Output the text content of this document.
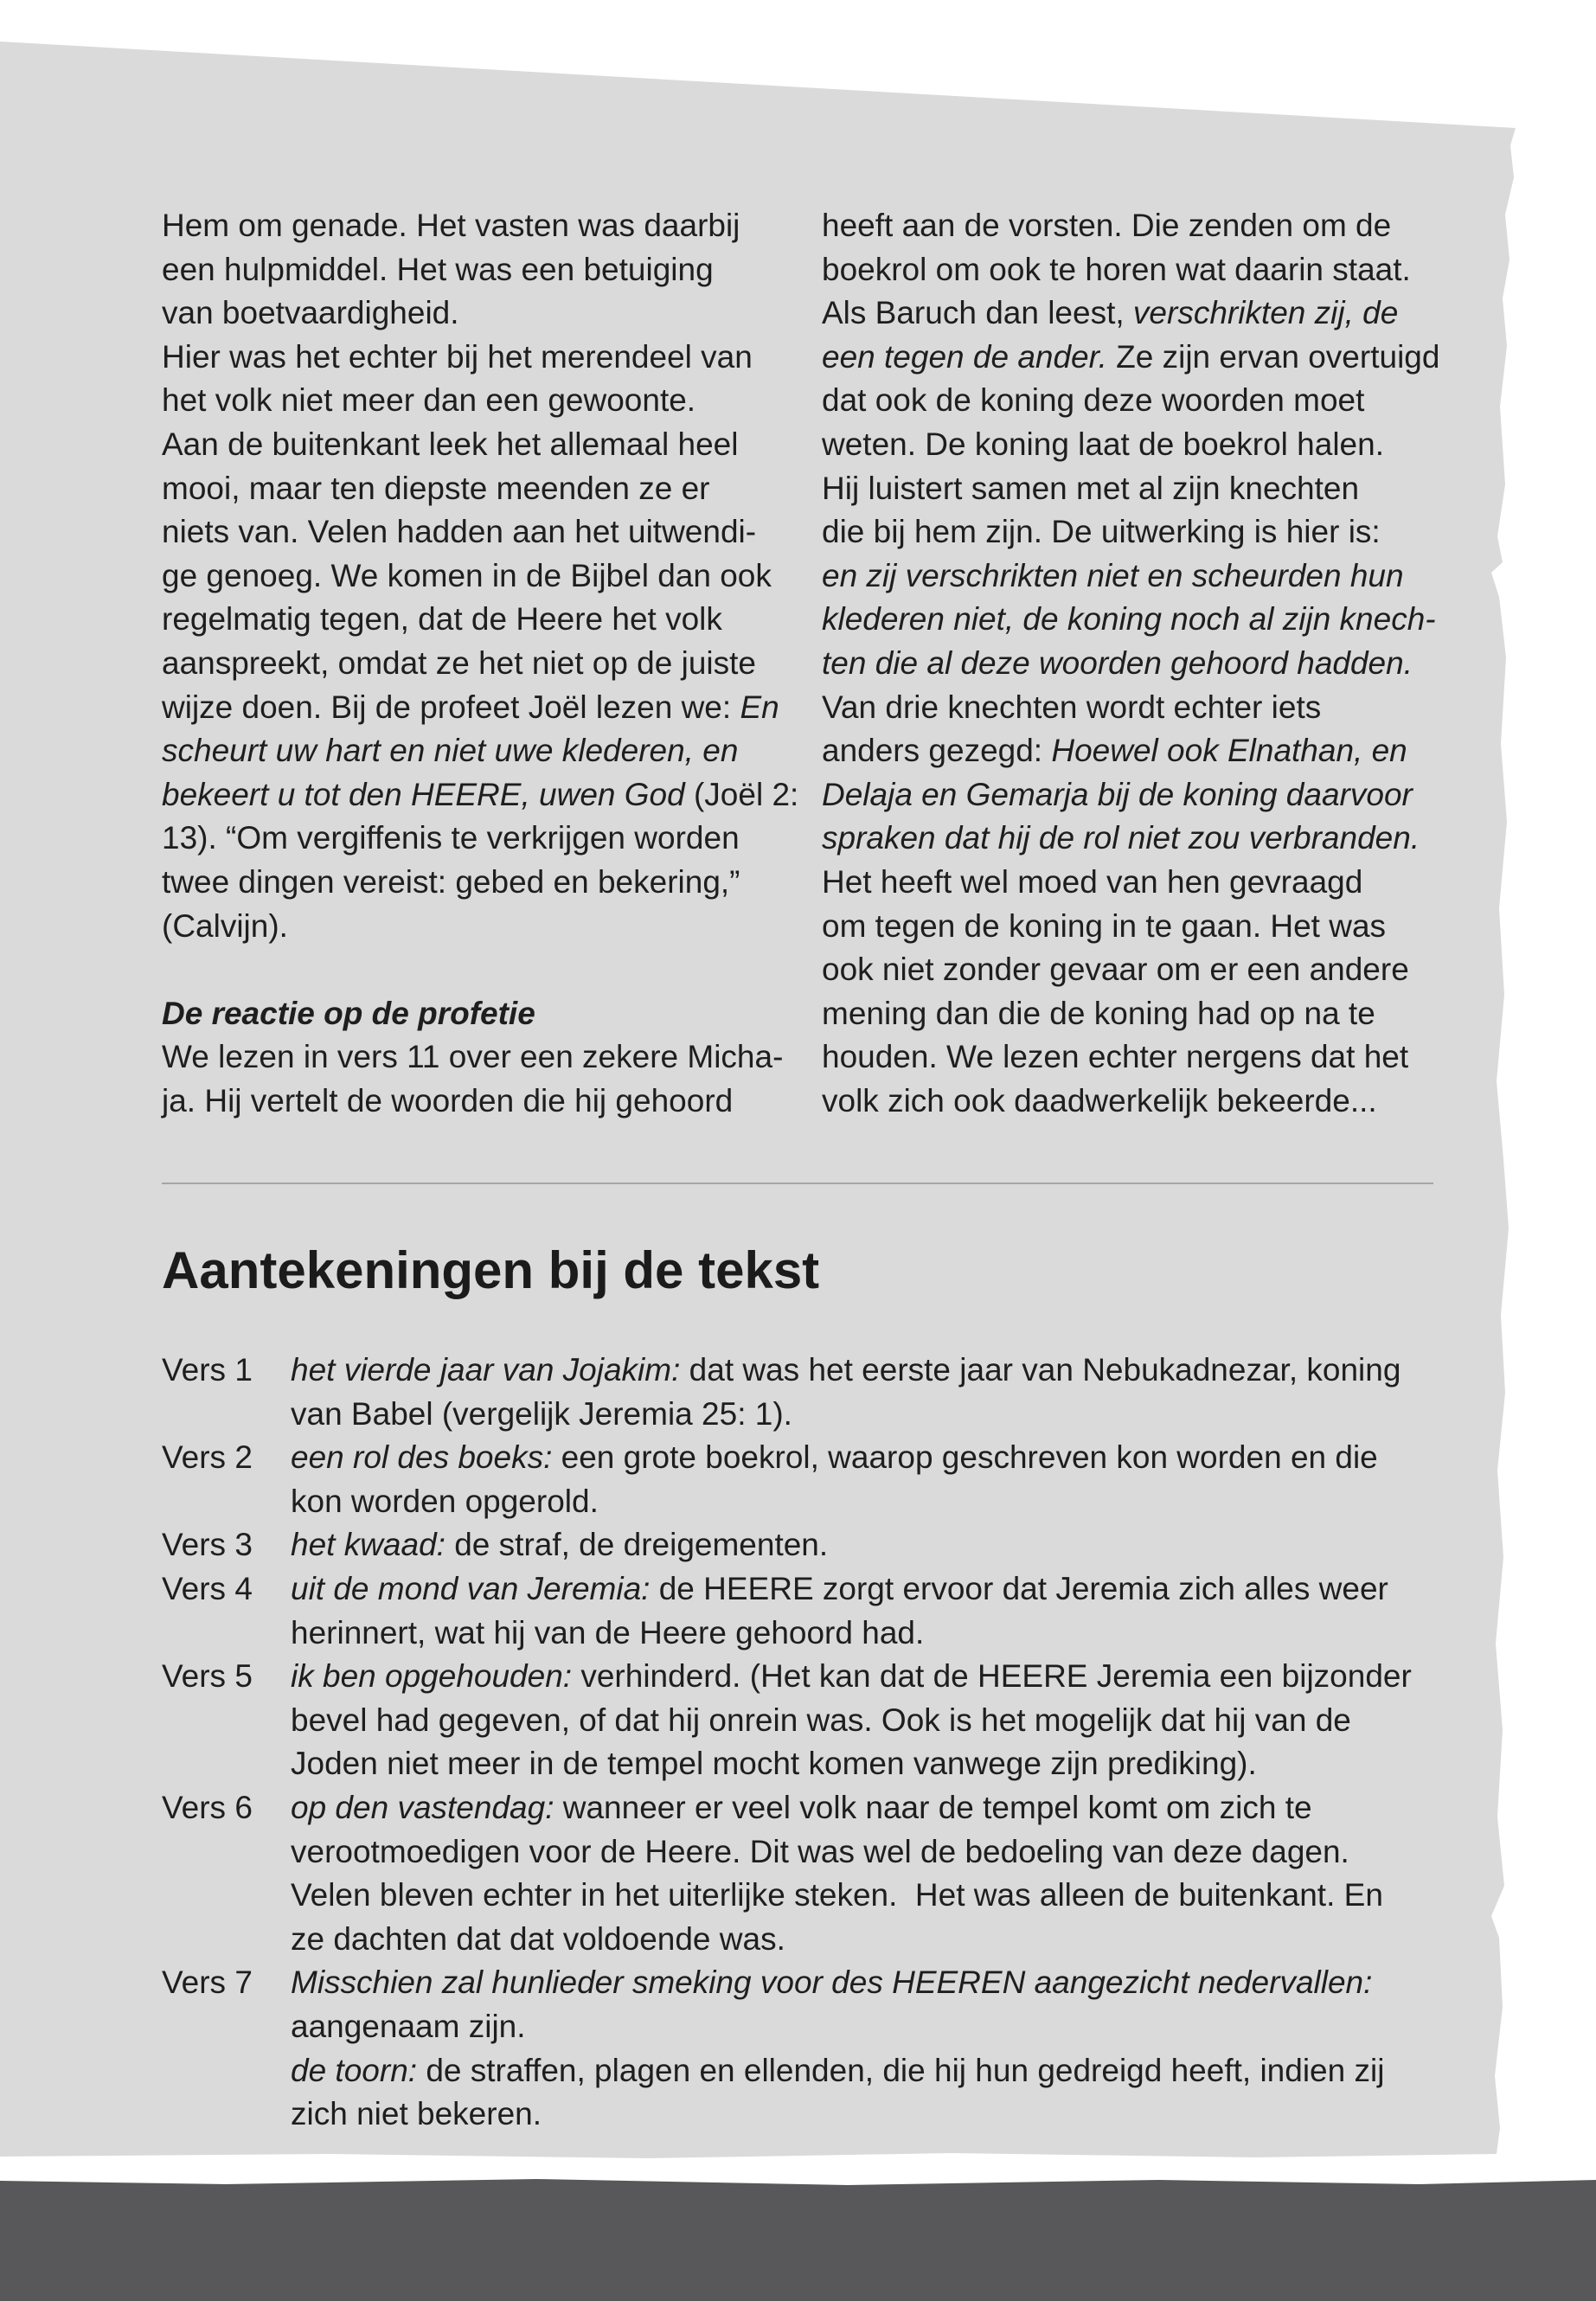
Hem om genade. Het vasten was daarbij
een hulpmiddel. Het was een betuiging
van boetvaardigheid.
Hier was het echter bij het merendeel van
het volk niet meer dan een gewoonte.
Aan de buitenkant leek het allemaal heel
mooi, maar ten diepste meenden ze er
niets van. Velen hadden aan het uitwendi-
ge genoeg. We komen in de Bijbel dan ook
regelmatig tegen, dat de Heere het volk
aanspreekt, omdat ze het niet op de juiste
wijze doen. Bij de profeet Joël lezen we: En
scheurt uw hart en niet uwe klederen, en
bekeert u tot den HEERE, uwen God (Joël 2:
13). “Om vergiffenis te verkrijgen worden
twee dingen vereist: gebed en bekering,”
(Calvijn).
De reactie op de profetie
We lezen in vers 11 over een zekere Micha-
ja. Hij vertelt de woorden die hij gehoord
heeft aan de vorsten. Die zenden om de
boekrol om ook te horen wat daarin staat.
Als Baruch dan leest, verschrikten zij, de
een tegen de ander. Ze zijn ervan overtuigd
dat ook de koning deze woorden moet
weten. De koning laat de boekrol halen.
Hij luistert samen met al zijn knechten
die bij hem zijn. De uitwerking is hier is:
en zij verschrikten niet en scheurden hun
klederen niet, de koning noch al zijn knech-
ten die al deze woorden gehoord hadden.
Van drie knechten wordt echter iets
anders gezegd: Hoewel ook Elnathan, en
Delaja en Gemarja bij de koning daarvoor
spraken dat hij de rol niet zou verbranden.
Het heeft wel moed van hen gevraagd
om tegen de koning in te gaan. Het was
ook niet zonder gevaar om er een andere
mening dan die de koning had op na te
houden. We lezen echter nergens dat het
volk zich ook daadwerkelijk bekeerde...
Aantekeningen bij de tekst
Vers 1	het vierde jaar van Jojakim: dat was het eerste jaar van Nebukadnezar, koning
van Babel (vergelijk Jeremia 25: 1).
Vers 2	een rol des boeks: een grote boekrol, waarop geschreven kon worden en die
kon worden opgerold.
Vers 3	het kwaad: de straf, de dreigementen.
Vers 4	uit de mond van Jeremia: de HEERE zorgt ervoor dat Jeremia zich alles weer
herinnert, wat hij van de Heere gehoord had.
Vers 5	ik ben opgehouden: verhinderd. (Het kan dat de HEERE Jeremia een bijzonder
bevel had gegeven, of dat hij onrein was. Ook is het mogelijk dat hij van de
Joden niet meer in de tempel mocht komen vanwege zijn prediking).
Vers 6	op den vastendag: wanneer er veel volk naar de tempel komt om zich te
verootmoedigen voor de Heere. Dit was wel de bedoeling van deze dagen.
Velen bleven echter in het uiterlijke steken.  Het was alleen de buitenkant. En
ze dachten dat dat voldoende was.
Vers 7	Misschien zal hunlieder smeking voor des HEEREN aangezicht nedervallen:
aangenaam zijn.
de toorn: de straffen, plagen en ellenden, die hij hun gedreigd heeft, indien zij
zich niet bekeren.
